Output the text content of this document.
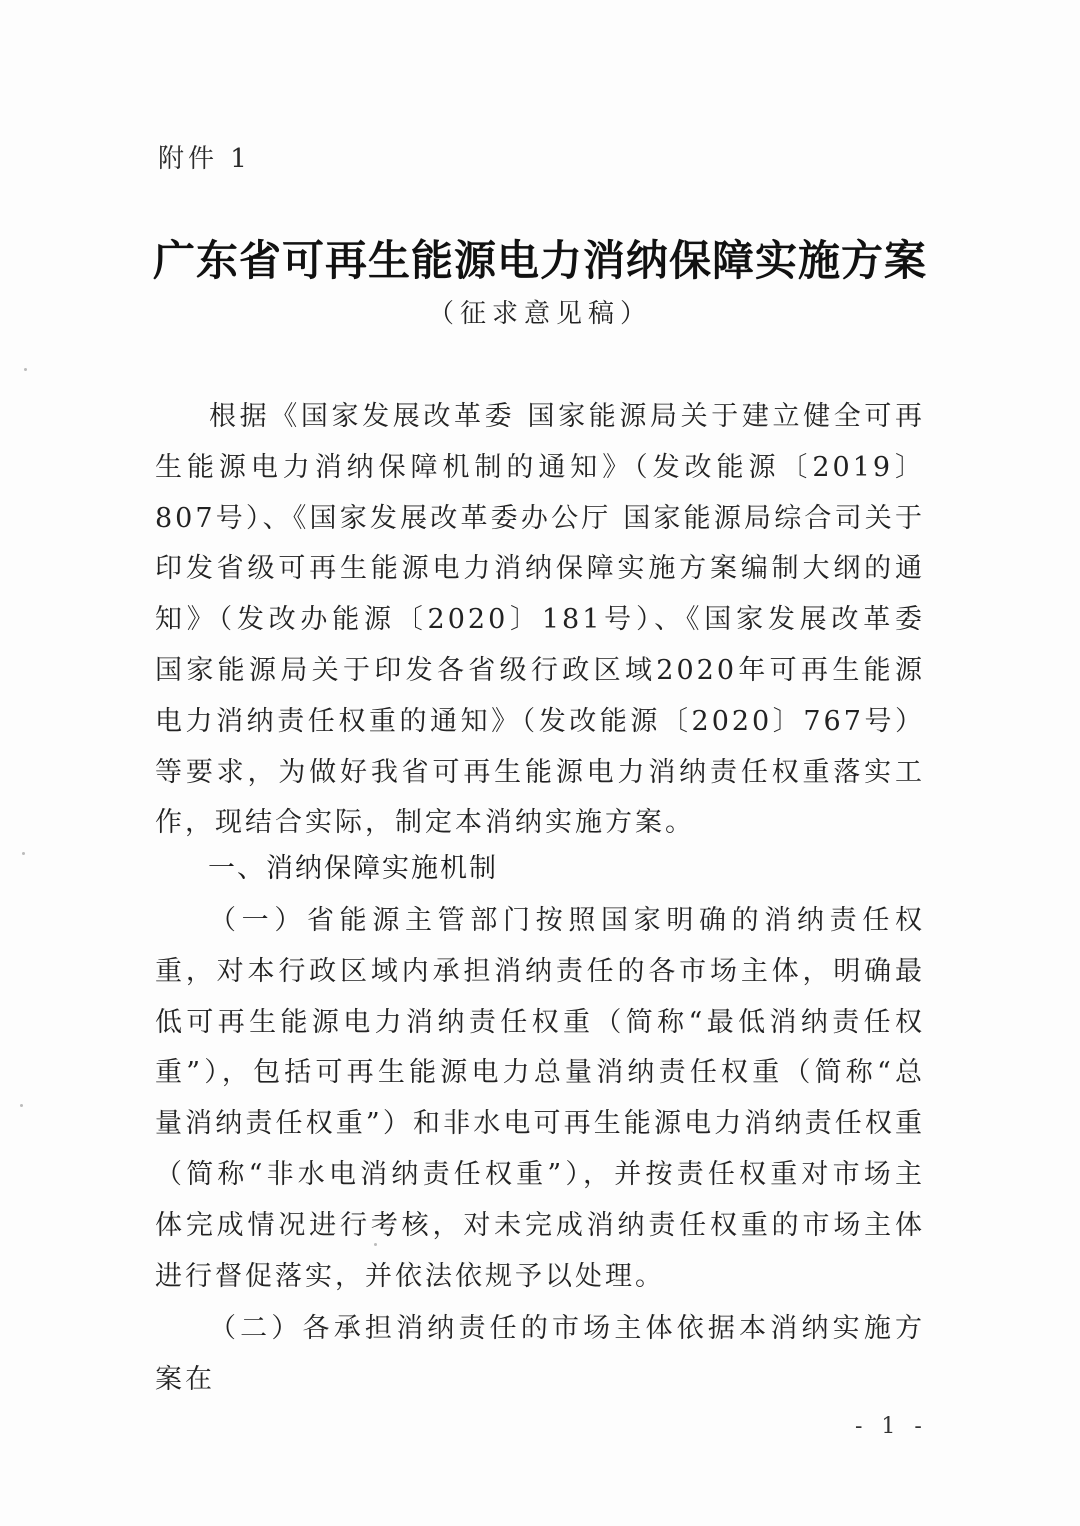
附件 1
广东省可再生能源电力消纳保障实施方案
（征求意见稿）

根据《国家发展改革委 国家能源局关于建立健全可再生能源电力消纳保障机制的通知》（发改能源〔2019〕807号）、《国家发展改革委办公厅 国家能源局综合司关于印发省级可再生能源电力消纳保障实施方案编制大纲的通知》（发改办能源〔2020〕181号）、《国家发展改革委 国家能源局关于印发各省级行政区域2020年可再生能源电力消纳责任权重的通知》（发改能源〔2020〕767号）等要求，为做好我省可再生能源电力消纳责任权重落实工作，现结合实际，制定本消纳实施方案。

一、消纳保障实施机制

（一）省能源主管部门按照国家明确的消纳责任权重，对本行政区域内承担消纳责任的各市场主体，明确最低可再生能源电力消纳责任权重（简称“最低消纳责任权重”），包括可再生能源电力总量消纳责任权重（简称“总量消纳责任权重”）和非水电可再生能源电力消纳责任权重（简称“非水电消纳责任权重”），并按责任权重对市场主体完成情况进行考核，对未完成消纳责任权重的市场主体进行督促落实，并依法依规予以处理。

（二）各承担消纳责任的市场主体依据本消纳实施方案在

- 1 -
